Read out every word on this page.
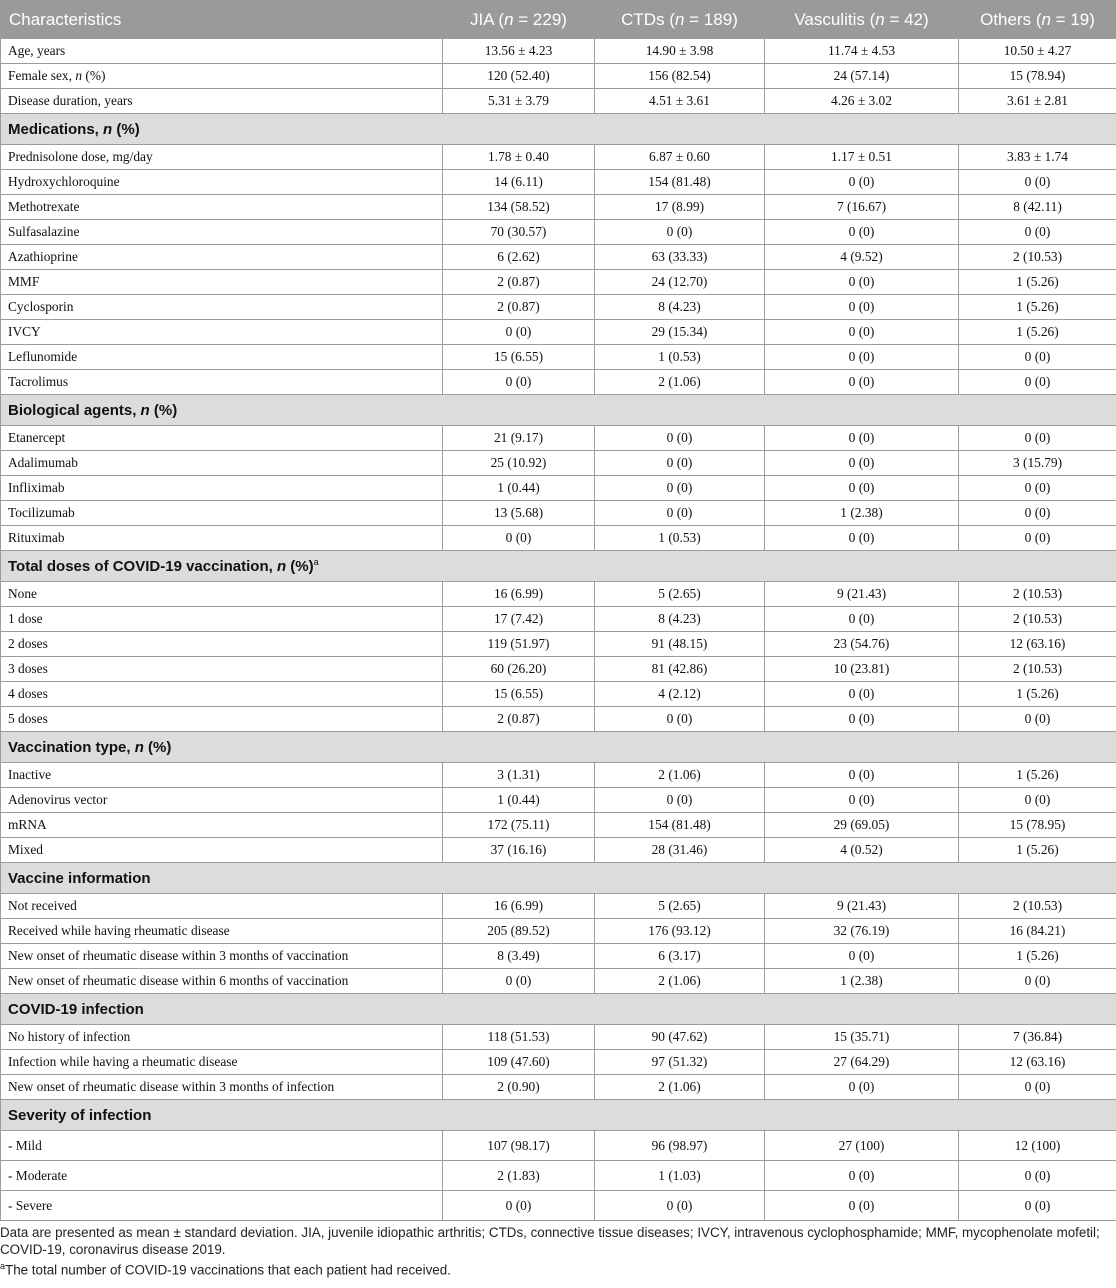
Characteristics	JIA (n = 229)	CTDs (n = 189)	Vasculitis (n = 42)	Others (n = 19)
Age, years	13.56 ± 4.23	14.90 ± 3.98	11.74 ± 4.53	10.50 ± 4.27
Female sex, n (%)	120 (52.40)	156 (82.54)	24 (57.14)	15 (78.94)
Disease duration, years	5.31 ± 3.79	4.51 ± 3.61	4.26 ± 3.02	3.61 ± 2.81
Medications, n (%)				
Prednisolone dose, mg/day	1.78 ± 0.40	6.87 ± 0.60	1.17 ± 0.51	3.83 ± 1.74
Hydroxychloroquine	14 (6.11)	154 (81.48)	0 (0)	0 (0)
Methotrexate	134 (58.52)	17 (8.99)	7 (16.67)	8 (42.11)
Sulfasalazine	70 (30.57)	0 (0)	0 (0)	0 (0)
Azathioprine	6 (2.62)	63 (33.33)	4 (9.52)	2 (10.53)
MMF	2 (0.87)	24 (12.70)	0 (0)	1 (5.26)
Cyclosporin	2 (0.87)	8 (4.23)	0 (0)	1 (5.26)
IVCY	0 (0)	29 (15.34)	0 (0)	1 (5.26)
Leflunomide	15 (6.55)	1 (0.53)	0 (0)	0 (0)
Tacrolimus	0 (0)	2 (1.06)	0 (0)	0 (0)
Biological agents, n (%)				
Etanercept	21 (9.17)	0 (0)	0 (0)	0 (0)
Adalimumab	25 (10.92)	0 (0)	0 (0)	3 (15.79)
Infliximab	1 (0.44)	0 (0)	0 (0)	0 (0)
Tocilizumab	13 (5.68)	0 (0)	1 (2.38)	0 (0)
Rituximab	0 (0)	1 (0.53)	0 (0)	0 (0)
Total doses of COVID-19 vaccination, n (%)$^a$
None	16 (6.99)	5 (2.65)	9 (21.43)	2 (10.53)
1 dose	17 (7.42)	8 (4.23)	0 (0)	2 (10.53)
2 doses	119 (51.97)	91 (48.15)	23 (54.76)	12 (63.16)
3 doses	60 (26.20)	81 (42.86)	10 (23.81)	2 (10.53)
4 doses	15 (6.55)	4 (2.12)	0 (0)	1 (5.26)
5 doses	2 (0.87)	0 (0)	0 (0)	0 (0)
Vaccination type, n (%)				
Inactive	3 (1.31)	2 (1.06)	0 (0)	1 (5.26)
Adenovirus vector	1 (0.44)	0 (0)	0 (0)	0 (0)
mRNA	172 (75.11)	154 (81.48)	29 (69.05)	15 (78.95)
Mixed	37 (16.16)	28 (31.46)	4 (0.52)	1 (5.26)
Vaccine information				
Not received	16 (6.99)	5 (2.65)	9 (21.43)	2 (10.53)
Received while having rheumatic disease	205 (89.52)	176 (93.12)	32 (76.19)	16 (84.21)
New onset of rheumatic disease within 3 months of vaccination	8 (3.49)	6 (3.17)	0 (0)	1 (5.26)
New onset of rheumatic disease within 6 months of vaccination	0 (0)	2 (1.06)	1 (2.38)	0 (0)
COVID-19 infection				
No history of infection	118 (51.53)	90 (47.62)	15 (35.71)	7 (36.84)
Infection while having a rheumatic disease	109 (47.60)	97 (51.32)	27 (64.29)	12 (63.16)
New onset of rheumatic disease within 3 months of infection	2 (0.90)	2 (1.06)	0 (0)	0 (0)
Severity of infection				
- Mild	107 (98.17)	96 (98.97)	27 (100)	12 (100)
- Moderate	2 (1.83)	1 (1.03)	0 (0)	0 (0)
- Severe	0 (0)	0 (0)	0 (0)	0 (0)

Data are presented as mean ± standard deviation. JIA, juvenile idiopathic arthritis; CTDs, connective tissue diseases; IVCY, intravenous cyclophosphamide; MMF, mycophenolate mofetil; COVID-19, coronavirus disease 2019.

$^a$The total number of COVID-19 vaccinations that each patient had received.
